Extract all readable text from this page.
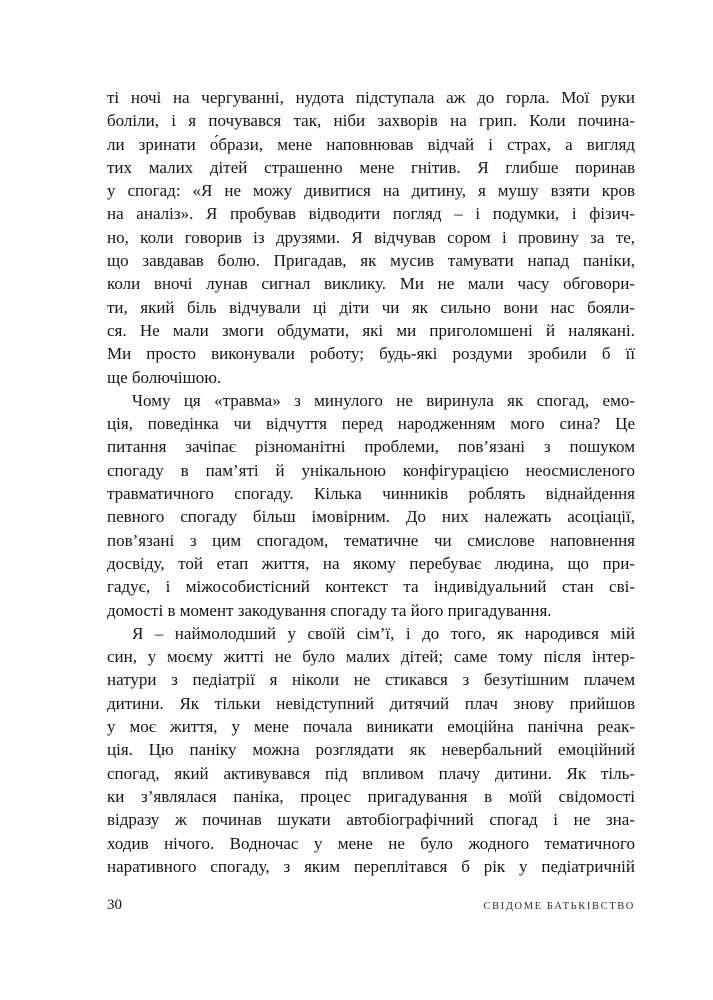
ті ночі на чергуванні, нудота підступала аж до горла. Мої руки
боліли, і я почувався так, ніби захворів на грип. Коли почина-
ли зринати о́брази, мене наповнював відчай і страх, а вигляд
тих малих дітей страшенно мене гнітив. Я глибше поринав
у спогад: «Я не можу дивитися на дитину, я мушу взяти кров
на аналіз». Я пробував відводити погляд – і подумки, і фізич-
но, коли говорив із друзями. Я відчував сором і провину за те,
що завдавав болю. Пригадав, як мусив тамувати напад паніки,
коли вночі лунав сигнал виклику. Ми не мали часу обговори-
ти, який біль відчували ці діти чи як сильно вони нас бояли-
ся. Не мали змоги обдумати, які ми приголомшені й налякані.
Ми просто виконували роботу; будь-які роздуми зробили б її
ще болючішою.
Чому ця «травма» з минулого не виринула як спогад, емо-
ція, поведінка чи відчуття перед народженням мого сина? Це
питання зачіпає різноманітні проблеми, пов’язані з пошуком
спогаду в пам’яті й унікальною конфігурацією неосмисленого
травматичного спогаду. Кілька чинників роблять віднайдення
певного спогаду більш імовірним. До них належать асоціації,
пов’язані з цим спогадом, тематичне чи смислове наповнення
досвіду, той етап життя, на якому перебуває людина, що при-
гадує, і міжособистісний контекст та індивідуальний стан сві-
домості в момент закодування спогаду та його пригадування.
Я – наймолодший у своїй сім’ї, і до того, як народився мій
син, у моєму житті не було малих дітей; саме тому після інтер-
натури з педіатрії я ніколи не стикався з безутішним плачем
дитини. Як тільки невідступний дитячий плач знову прийшов
у моє життя, у мене почала виникати емоційна панічна реак-
ція. Цю паніку можна розглядати як невербальний емоційний
спогад, який активувався під впливом плачу дитини. Як тіль-
ки з’являлася паніка, процес пригадування в моїй свідомості
відразу ж починав шукати автобіографічний спогад і не зна-
ходив нічого. Водночас у мене не було жодного тематичного
наративного спогаду, з яким переплітався б рік у педіатричній
30	СВІДОМЕ БАТЬКІВСТВО
